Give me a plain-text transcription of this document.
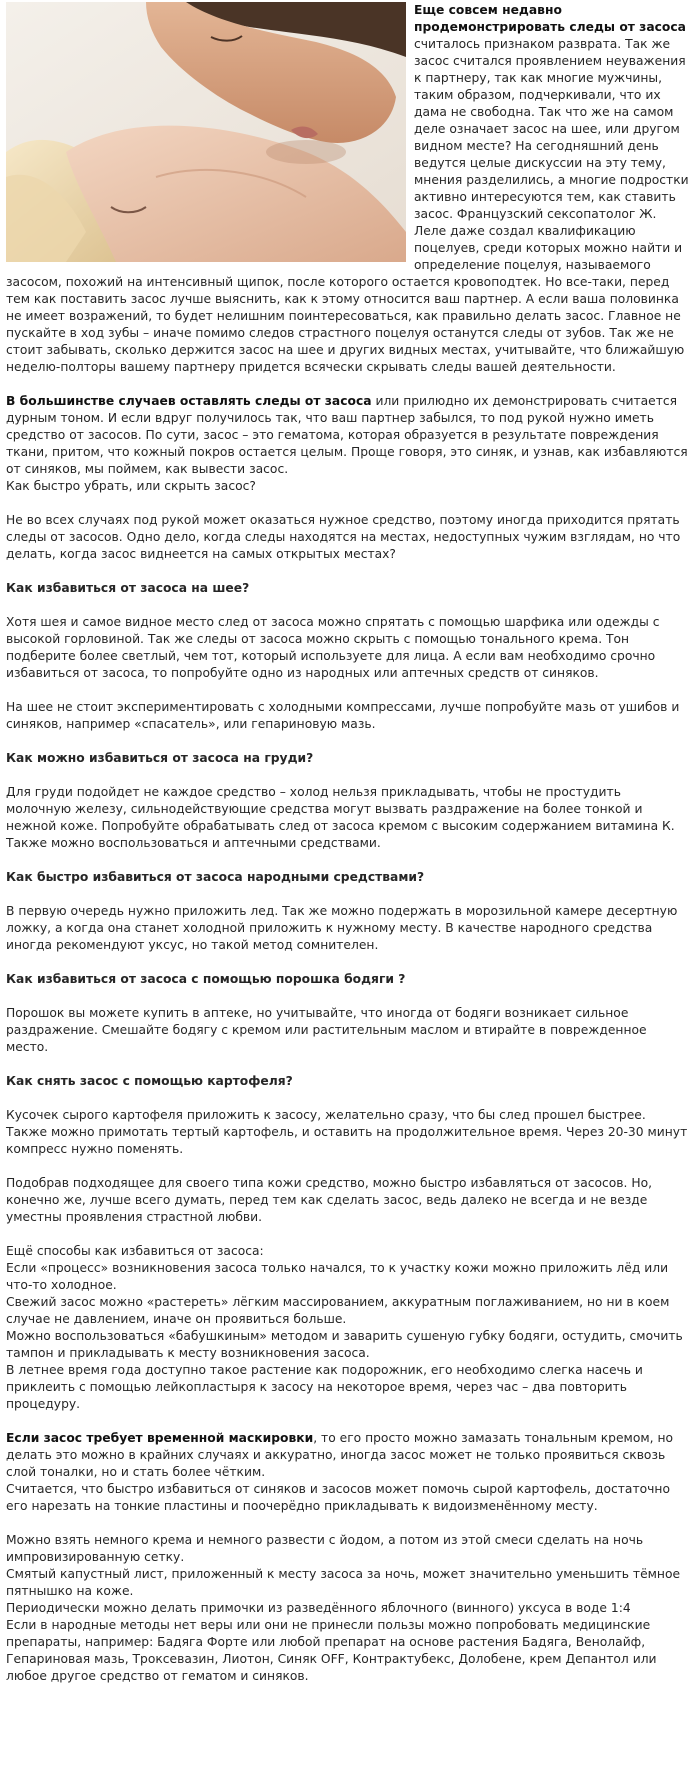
Еще совсем недавно продемонстрировать следы от засоса считалось признаком разврата. Так же засос считался проявлением неуважения к партнеру, так как многие мужчины, таким образом, подчеркивали, что их дама не свободна. Так что же на самом деле означает засос на шее, или другом видном месте? На сегодняшний день ведутся целые дискуссии на эту тему, мнения разделились, а многие подростки активно интересуются тем, как ставить засос. Французский сексопатолог Ж. Леле даже создал квалификацию поцелуев, среди которых можно найти и определение поцелуя, называемого засосом, похожий на интенсивный щипок, после которого остается кровоподтек. Но все-таки, перед тем как поставить засос лучше выяснить, как к этому относится ваш партнер. А если ваша половинка не имеет возражений, то будет нелишним поинтересоваться, как правильно делать засос. Главное не пускайте в ход зубы – иначе помимо следов страстного поцелуя останутся следы от зубов. Так же не стоит забывать, сколько держится засос на шее и других видных местах, учитывайте, что ближайшую неделю-полторы вашему партнеру придется всячески скрывать следы вашей деятельности.

В большинстве случаев оставлять следы от засоса или прилюдно их демонстрировать считается дурным тоном. И если вдруг получилось так, что ваш партнер забылся, то под рукой нужно иметь средство от засосов. По сути, засос – это гематома, которая образуется в результате повреждения ткани, притом, что кожный покров остается целым. Проще говоря, это синяк, и узнав, как избавляются от синяков, мы поймем, как вывести засос.
Как быстро убрать, или скрыть засос?

Не во всех случаях под рукой может оказаться нужное средство, поэтому иногда приходится прятать следы от засосов. Одно дело, когда следы находятся на местах, недоступных чужим взглядам, но что делать, когда засос виднеется на самых открытых местах?

Как избавиться от засоса на шее?

Хотя шея и самое видное место след от засоса можно спрятать с помощью шарфика или одежды с высокой горловиной. Так же следы от засоса можно скрыть с помощью тонального крема. Тон подберите более светлый, чем тот, который используете для лица. А если вам необходимо срочно избавиться от засоса, то попробуйте одно из народных или аптечных средств от синяков.

На шее не стоит экспериментировать с холодными компрессами, лучше попробуйте мазь от ушибов и синяков, например «спасатель», или гепариновую мазь.

Как можно избавиться от засоса на груди?

Для груди подойдет не каждое средство – холод нельзя прикладывать, чтобы не простудить молочную железу, сильнодействующие средства могут вызвать раздражение на более тонкой и нежной коже. Попробуйте обрабатывать след от засоса кремом с высоким содержанием витамина К. Также можно воспользоваться и аптечными средствами.

Как быстро избавиться от засоса народными средствами?

В первую очередь нужно приложить лед. Так же можно подержать в морозильной камере десертную ложку, а когда она станет холодной приложить к нужному месту. В качестве народного средства иногда рекомендуют уксус, но такой метод сомнителен.

Как избавиться от засоса с помощью порошка бодяги ?

Порошок вы можете купить в аптеке, но учитывайте, что иногда от бодяги возникает сильное раздражение. Смешайте бодягу с кремом или растительным маслом и втирайте в поврежденное место.

Как снять засос с помощью картофеля?

Кусочек сырого картофеля приложить к засосу, желательно сразу, что бы след прошел быстрее. Также можно примотать тертый картофель, и оставить на продолжительное время. Через 20-30 минут компресс нужно поменять.

Подобрав подходящее для своего типа кожи средство, можно быстро избавляться от засосов. Но, конечно же, лучше всего думать, перед тем как сделать засос, ведь далеко не всегда и не везде уместны проявления страстной любви.

Ещё способы как избавиться от засоса:
Если «процесс» возникновения засоса только начался, то к участку кожи можно приложить лёд или что-то холодное.
Свежий засос можно «растереть» лёгким массированием, аккуратным поглаживанием, но ни в коем случае не давлением, иначе он проявиться больше.
Можно воспользоваться «бабушкиным» методом и заварить сушеную губку бодяги, остудить, смочить тампон и прикладывать к месту возникновения засоса.
В летнее время года доступно такое растение как подорожник, его необходимо слегка насечь и приклеить с помощью лейкопластыря к засосу на некоторое время, через час – два повторить процедуру.

Если засос требует временной маскировки, то его просто можно замазать тональным кремом, но делать это можно в крайних случаях и аккуратно, иногда засос может не только проявиться сквозь слой тоналки, но и стать более чётким.
Считается, что быстро избавиться от синяков и засосов может помочь сырой картофель, достаточно его нарезать на тонкие пластины и поочерёдно прикладывать к видоизменённому месту.

Можно взять немного крема и немного развести с йодом, а потом из этой смеси сделать на ночь импровизированную сетку.
Смятый капустный лист, приложенный к месту засоса за ночь, может значительно уменьшить тёмное пятнышко на коже.
Периодически можно делать примочки из разведённого яблочного (винного) уксуса в воде 1:4
Если в народные методы нет веры или они не принесли пользы можно попробовать медицинские препараты, например: Бадяга Форте или любой препарат на основе растения Бадяга, Венолайф, Гепариновая мазь, Троксевазин, Лиотон, Синяк OFF, Контрактубекс, Долобене, крем Депантол или любое другое средство от гематом и синяков.
